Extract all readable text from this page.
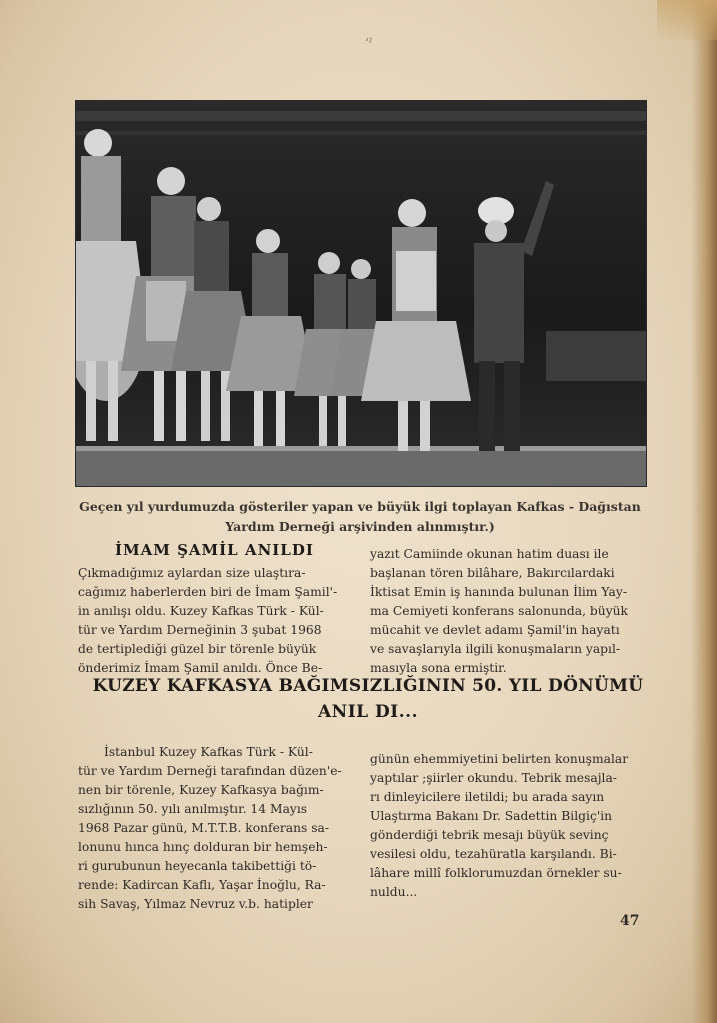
ʻˀ
Geçen yıl yurdumuzda gösteriler yapan ve büyük ilgi toplayan Kafkas - Dağıstan
Yardım Derneği arşivinden alınmıştır.)
İMAM ŞAMİL ANILDI
Çıkmadığımız aylardan size ulaştıra-
cağımız haberlerden biri de İmam Şamil'-
in anılışı oldu. Kuzey Kafkas Türk - Kül-
tür ve Yardım Derneğinin 3 şubat 1968
de tertiplediği güzel bir törenle büyük
önderimiz İmam Şamil anıldı. Önce Be-
yazıt Camiinde okunan hatim duası ile
başlanan tören bilâhare, Bakırcılardaki
İktisat Emin iş hanında bulunan İlim Yay-
ma Cemiyeti konferans salonunda, büyük
mücahit ve devlet adamı Şamil'in hayatı
ve savaşlarıyla ilgili konuşmaların yapıl-
masıyla sona ermiştir.
KUZEY KAFKASYA BAĞIMSIZLIĞININ 50. YIL DÖNÜMÜ
ANIL DI...
İstanbul Kuzey Kafkas Türk - Kül-
tür ve Yardım Derneği tarafından düzen'e-
nen bir törenle, Kuzey Kafkasya bağım-
sızlığının 50. yılı anılmıştır. 14 Mayıs
1968 Pazar günü, M.T.T.B. konferans sa-
lonunu hıncа hınç dolduran bir hemşeh-
ri gurubunun heyecanla takibettiği tö-
rende: Kadircan Kaflı, Yaşar İnoğlu, Ra-
sih Savaş, Yılmaz Nevruz v.b. hatipler
günün ehemmiyetini belirten konuşmalar
yaptılar ;şiirler okundu. Tebrik mesajla-
rı dinleyicilere iletildi; bu arada sayın
Ulaştırma Bakanı Dr. Sadettin Bilgiç'in
gönderdiği tebrik mesajı büyük sevinç
vesilesi oldu, tezahüratla karşılandı. Bi-
lâhare millî folklorumuzdan örnekler su-
nuldu...
47
